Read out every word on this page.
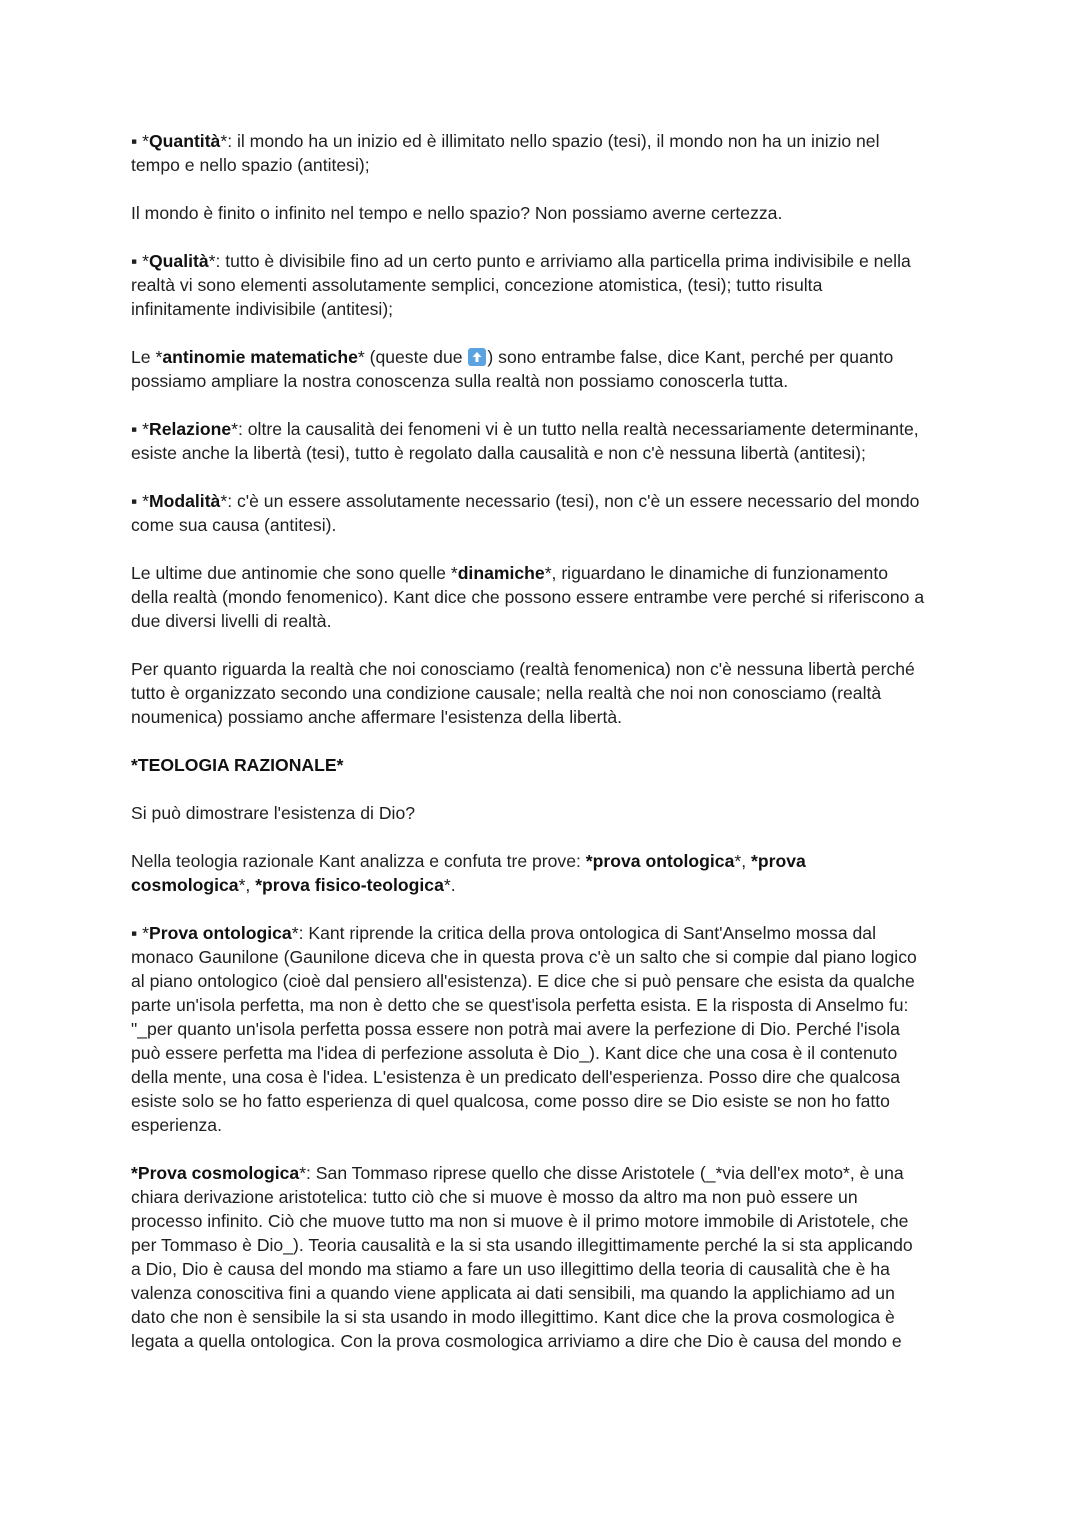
▪ *Quantità*: il mondo ha un inizio ed è illimitato nello spazio (tesi), il mondo non ha un inizio nel
tempo e nello spazio (antitesi);
Il mondo è finito o infinito nel tempo e nello spazio? Non possiamo averne certezza.
▪ *Qualità*: tutto è divisibile fino ad un certo punto e arriviamo alla particella prima indivisibile e nella
realtà vi sono elementi assolutamente semplici, concezione atomistica, (tesi); tutto risulta
infinitamente indivisibile (antitesi);
Le *antinomie matematiche* (queste due
) sono entrambe false, dice Kant, perché per quanto
possiamo ampliare la nostra conoscenza sulla realtà non possiamo conoscerla tutta.
▪ *Relazione*: oltre la causalità dei fenomeni vi è un tutto nella realtà necessariamente determinante,
esiste anche la libertà (tesi), tutto è regolato dalla causalità e non c'è nessuna libertà (antitesi);
▪ *Modalità*: c'è un essere assolutamente necessario (tesi), non c'è un essere necessario del mondo
come sua causa (antitesi).
Le ultime due antinomie che sono quelle *dinamiche*, riguardano le dinamiche di funzionamento
della realtà (mondo fenomenico). Kant dice che possono essere entrambe vere perché si riferiscono a
due diversi livelli di realtà.
Per quanto riguarda la realtà che noi conosciamo (realtà fenomenica) non c'è nessuna libertà perché
tutto è organizzato secondo una condizione causale; nella realtà che noi non conosciamo (realtà
noumenica) possiamo anche affermare l'esistenza della libertà.
*TEOLOGIA RAZIONALE*
Si può dimostrare l'esistenza di Dio?
Nella teologia razionale Kant analizza e confuta tre prove: *prova ontologica*, *prova
cosmologica*, *prova fisico-teologica*.
▪ *Prova ontologica*: Kant riprende la critica della prova ontologica di Sant'Anselmo mossa dal
monaco Gaunilone (Gaunilone diceva che in questa prova c'è un salto che si compie dal piano logico
al piano ontologico (cioè dal pensiero all'esistenza). E dice che si può pensare che esista da qualche
parte un'isola perfetta, ma non è detto che se quest'isola perfetta esista. E la risposta di Anselmo fu:
"_per quanto un'isola perfetta possa essere non potrà mai avere la perfezione di Dio. Perché l'isola
può essere perfetta ma l'idea di perfezione assoluta è Dio_). Kant dice che una cosa è il contenuto
della mente, una cosa è l'idea. L'esistenza è un predicato dell'esperienza. Posso dire che qualcosa
esiste solo se ho fatto esperienza di quel qualcosa, come posso dire se Dio esiste se non ho fatto
esperienza.
*Prova cosmologica*: San Tommaso riprese quello che disse Aristotele (_*via dell'ex moto*, è una
chiara derivazione aristotelica: tutto ciò che si muove è mosso da altro ma non può essere un
processo infinito. Ciò che muove tutto ma non si muove è il primo motore immobile di Aristotele, che
per Tommaso è Dio_). Teoria causalità e la si sta usando illegittimamente perché la si sta applicando
a Dio, Dio è causa del mondo ma stiamo a fare un uso illegittimo della teoria di causalità che è ha
valenza conoscitiva fini a quando viene applicata ai dati sensibili, ma quando la applichiamo ad un
dato che non è sensibile la si sta usando in modo illegittimo. Kant dice che la prova cosmologica è
legata a quella ontologica. Con la prova cosmologica arriviamo a dire che Dio è causa del mondo e
